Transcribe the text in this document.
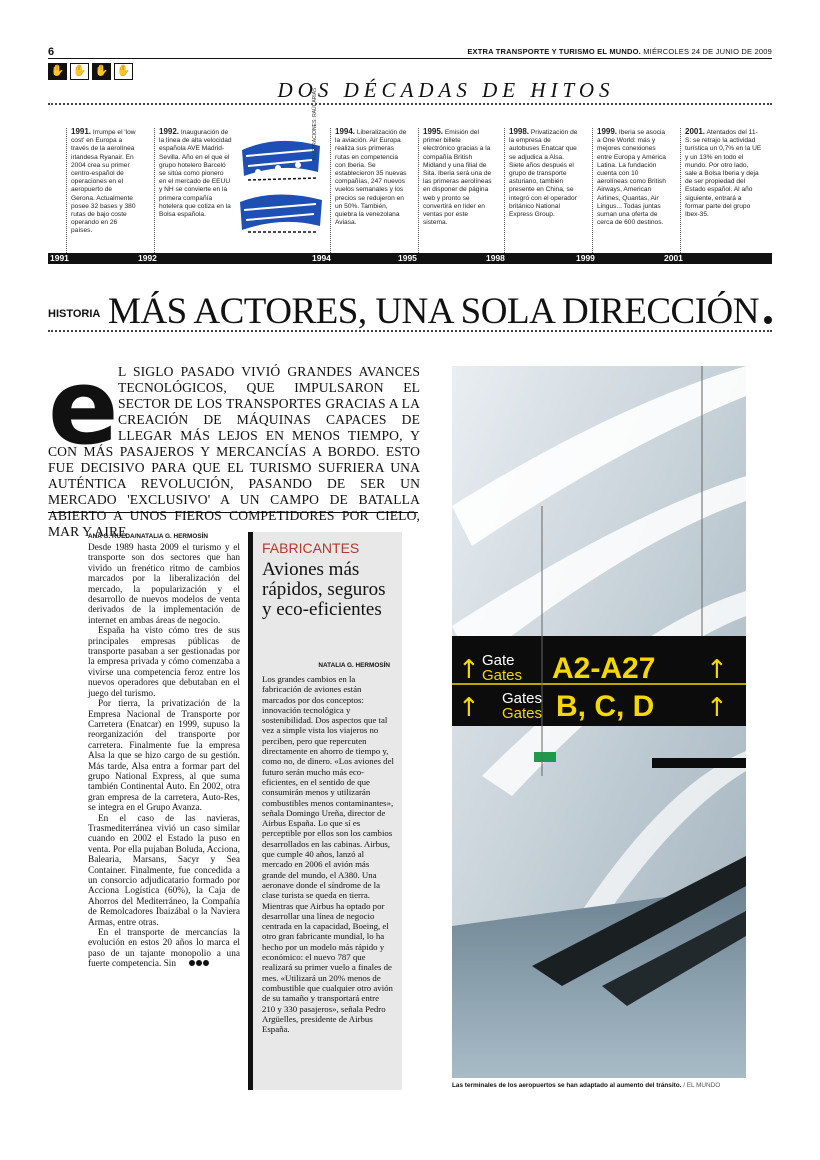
6	EXTRA TRANSPORTE Y TURISMO EL MUNDO. MIÉRCOLES 24 DE JUNIO DE 2009
✋ ✋ ✋ ✋
DOS DÉCADAS DE HITOS
1991. Irrumpe el 'low cost' en Europa a través de la aerolínea irlandesa Ryanair. En 2004 crea su primer centro-español de operaciones en el aeropuerto de Gerona. Actualmente posee 32 bases y 380 rutas de bajo coste operando en 26 países.
1992. Inauguración de la línea de alta velocidad española AVE Madrid-Sevilla. Año en el que el grupo hotelero Barceló se sitúa como pionero en el mercado de EEUU y NH se convierte en la primera compañía hotelera que cotiza en la Bolsa española.
ILUSTRACIONES: RAÚL ARIAS	1994. Liberalización de la aviación. Air Europa realiza sus primeras rutas en competencia con Iberia. Se establecieron 35 nuevas compañías, 247 nuevos vuelos semanales y los precios se redujeron en un 50%. También, quiebra la venezolana Aviasa.
1995. Emisión del primer billete electrónico gracias a la compañía British Midland y una filial de Sita. Iberia será una de las primeras aerolíneas en disponer de página web y pronto se convertirá en líder en ventas por este sistema.
1998. Privatización de la empresa de autobuses Enatcar que se adjudica a Alsa. Siete años después el grupo de transporte asturiano, también presente en China, se integró con el operador británico National Express Group.
1999. Iberia se asocia a One World: más y mejores conexiones entre Europa y América Latina. La fundación cuenta con 10 aerolíneas como British Airways, American Airlines, Quantas, Air Lingus... Todas juntas suman una oferta de cerca de 600 destinos.
2001. Atentados del 11-S: se retrajo la actividad turística un 0,7% en la UE y un 13% en todo el mundo. Por otro lado, sale a Bolsa Iberia y deja de ser propiedad del Estado español. Al año siguiente, entrará a formar parte del grupo Ibex-35.
1991	1992	1994	1995	1998	1999	2001
HISTORIA MÁS ACTORES, UNA SOLA DIRECCIÓN
e L SIGLO PASADO VIVIÓ GRANDES AVANCES TECNOLÓGICOS, QUE IMPULSARON EL SECTOR DE LOS TRANSPORTES GRACIAS A LA CREACIÓN DE MÁQUINAS CAPACES DE LLEGAR MÁS LEJOS EN MENOS TIEMPO, Y CON MÁS PASAJEROS Y MERCANCÍAS A BORDO. ESTO FUE DECISIVO PARA QUE EL TURISMO SUFRIERA UNA AUTÉNTICA REVOLUCIÓN, PASANDO DE SER UN MERCADO 'EXCLUSIVO' A UN CAMPO DE BATALLA ABIERTO A UNOS FIEROS COMPETIDORES POR CIELO, MAR Y AIRE
ANA G. RUEDA/NATALIA G. HERMOSÍN

Desde 1989 hasta 2009 el turismo y el transporte son dos sectores que han vivido un frenético ritmo de cambios marcados por la liberalización del mercado, la popularización y el desarrollo de nuevos modelos de venta derivados de la implementación de internet en ambas áreas de negocio.

España ha visto cómo tres de sus principales empresas públicas de transporte pasaban a ser gestionadas por la empresa privada y cómo comenzaba a vivirse una competencia feroz entre los nuevos operadores que debutaban en el juego del turismo.

Por tierra, la privatización de la Empresa Nacional de Transporte por Carretera (Enatcar) en 1999, supuso la reorganización del transporte por carretera. Finalmente fue la empresa Alsa la que se hizo cargo de su gestión. Más tarde, Alsa entra a formar part del grupo National Express, al que suma también Continental Auto. En 2002, otra gran empresa de la carretera, Auto-Res, se integra en el Grupo Avanza.

En el caso de las navieras, Trasmediterránea vivió un caso similar cuando en 2002 el Estado la puso en venta. Por ella pujaban Boluda, Acciona, Balearia, Marsans, Sacyr y Sea Container. Finalmente, fue concedida a un consorcio adjudicatario formado por Acciona Logística (60%), la Caja de Ahorros del Mediterráneo, la Compañía de Remolcadores Ibaizábal o la Naviera Armas, entre otras.

En el transporte de mercancías la evolución en estos 20 años lo marca el paso de un tajante monopolio a una fuerte competencia. Sin

FABRICANTES
Aviones más rápidos, seguros y eco-eficientes
NATALIA G. HERMOSÍN
Los grandes cambios en la fabricación de aviones están marcados por dos conceptos: innovación tecnológica y sostenibilidad. Dos aspectos que tal vez a simple vista los viajeros no perciben, pero que repercuten directamente en ahorro de tiempo y, como no, de dinero. «Los aviones del futuro serán mucho más eco-eficientes, en el sentido de que consumirán menos y utilizarán combustibles menos contaminantes», señala Domingo Ureña, director de Airbus España. Lo que sí es perceptible por ellos son los cambios desarrollados en las cabinas. Airbus, que cumple 40 años, lanzó al mercado en 2006 el avión más grande del mundo, el A380. Una aeronave donde el síndrome de la clase turista se queda en tierra. Mientras que Airbus ha optado por desarrollar una línea de negocio centrada en la capacidad, Boeing, el otro gran fabricante mundial, lo ha hecho por un modelo más rápido y económico: el nuevo 787 que realizará su primer vuelo a finales de mes. «Utilizará un 20% menos de combustible que cualquier otro avión de su tamaño y transportará entre 210 y 330 pasajeros», señala Pedro Argüelles, presidente de Airbus España.
Gate
Gates A2-A27
↑	↑
Gates
Gates B, C, D
↑	↑
Las terminales de los aeropuertos se han adaptado al aumento del tránsito. / EL MUNDO
